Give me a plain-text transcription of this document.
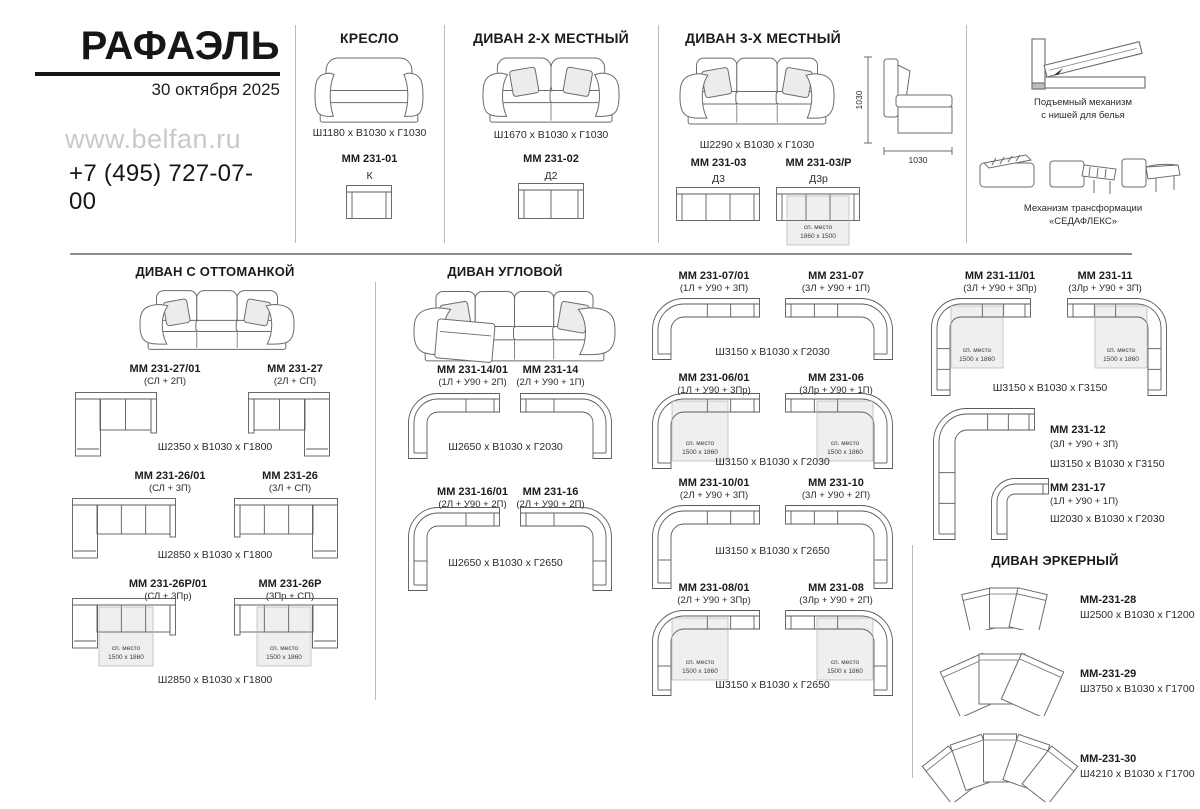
РАФАЭЛЬ
30 октября 2025
www.belfan.ru
+7 (495) 727-07-00
КРЕСЛО
Ш1180 х В1030 х Г1030
ММ 231-01
К
ДИВАН 2-Х МЕСТНЫЙ
Ш1670 х В1030 х Г1030
ММ 231-02
Д2
ДИВАН 3-Х МЕСТНЫЙ
1030
1030
Ш2290 х В1030 х Г1030
ММ 231-03
Д3
ММ 231-03/Р
Д3р
сп. место
1860 х 1500
Подъемный механизм
с нишей для белья
Механизм трансформации
«СЕДАФЛЕКС»
ДИВАН С ОТТОМАНКОЙ
ММ 231-27/01
(СЛ + 2П)
ММ 231-27
(2Л + СП)
Ш2350 х В1030 х Г1800
ММ 231-26/01
(СЛ + 3П)
ММ 231-26
(3Л + СП)
Ш2850 х В1030 х Г1800
ММ 231-26Р/01
(СЛ + 3Пр)
ММ 231-26Р
(3Пр + СП)
сп. место
1500 х 1860
сп. место
1500 х 1860
Ш2850 х В1030 х Г1800
ДИВАН УГЛОВОЙ
ММ 231-14/01
(1Л + У90 + 2П)
ММ 231-14
(2Л + У90 + 1П)
Ш2650 х В1030 х Г2030
ММ 231-16/01
(2Л + У90 + 2П)
ММ 231-16
(2Л + У90 + 2П)
Ш2650 х В1030 х Г2650
ММ 231-07/01
(1Л + У90 + 3П)
ММ 231-07
(3Л + У90 + 1П)
Ш3150 х В1030 х Г2030
ММ 231-06/01
(1Л + У90 + 3Пр)
ММ 231-06
(3Лр + У90 + 1П)
сп. место
1500 х 1860
сп. место
1500 х 1860
Ш3150 х В1030 х Г2030
ММ 231-10/01
(2Л + У90 + 3П)
ММ 231-10
(3Л + У90 + 2П)
Ш3150 х В1030 х Г2650
ММ 231-08/01
(2Л + У90 + 3Пр)
ММ 231-08
(3Лр + У90 + 2П)
сп. место
1500 х 1860
сп. место
1500 х 1860
Ш3150 х В1030 х Г2650
ММ 231-11/01
(3Л + У90 + 3Пр)
ММ 231-11
(3Лр + У90 + 3П)
сп. место
1500 х 1860
сп. место
1500 х 1860
Ш3150 х В1030 х Г3150
ММ 231-12
(3Л + У90 + 3П)
Ш3150 х В1030 х Г3150
ММ 231-17
(1Л + У90 + 1П)
Ш2030 х В1030 х Г2030
ДИВАН ЭРКЕРНЫЙ
ММ-231-28
Ш2500 х В1030 х Г1200
ММ-231-29
Ш3750 х В1030 х Г1700
ММ-231-30
Ш4210 х В1030 х Г1700
